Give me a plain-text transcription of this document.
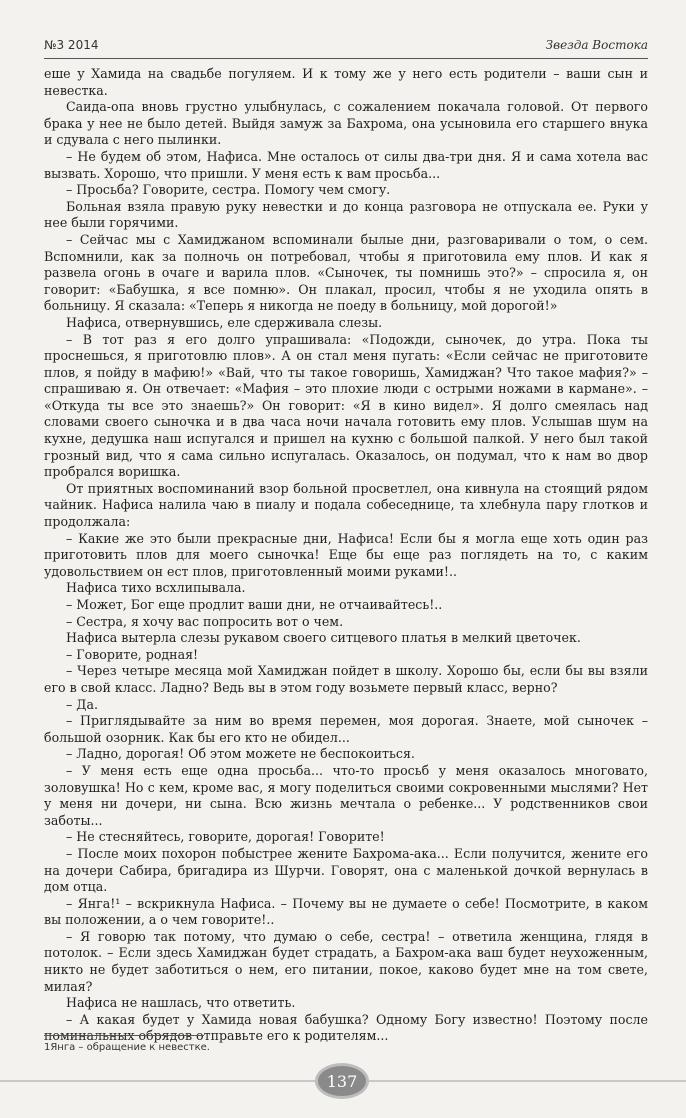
№3 2014	Звезда Востока

еше у Хамида на свадьбе погуляем. И к тому же у него есть родители – ваши сын и невестка.

Саида-опа вновь грустно улыбнулась, с сожалением покачала головой. От первого брака у нее не было детей. Выйдя замуж за Бахрома, она усыновила его старшего внука и сдувала с него пылинки.

– Не будем об этом, Нафиса. Мне осталось от силы два-три дня. Я и сама хотела вас вызвать. Хорошо, что пришли. У меня есть к вам просьба...

– Просьба? Говорите, сестра. Помогу чем смогу.

Больная взяла правую руку невестки и до конца разговора не отпускала ее. Руки у нее были горячими.

– Сейчас мы с Хамиджаном вспоминали былые дни, разговаривали о том, о сем. Вспомнили, как за полночь он потребовал, чтобы я приготовила ему плов. И как я развела огонь в очаге и варила плов. «Сыночек, ты помнишь это?» – спросила я, он говорит: «Бабушка, я все помню». Он плакал, просил, чтобы я не уходила опять в больницу. Я сказала: «Теперь я никогда не поеду в больницу, мой дорогой!»

Нафиса, отвернувшись, еле сдерживала слезы.

– В тот раз я его долго упрашивала: «Подожди, сыночек, до утра. Пока ты проснешься, я приготовлю плов». А он стал меня пугать: «Если сейчас не приготовите плов, я пойду в мафию!» «Вай, что ты такое говоришь, Хамиджан? Что такое мафия?» – спрашиваю я. Он отвечает: «Мафия – это плохие люди с острыми ножами в кармане». – «Откуда ты все это знаешь?» Он говорит: «Я в кино видел». Я долго смеялась над словами своего сыночка и в два часа ночи начала готовить ему плов. Услышав шум на кухне, дедушка наш испугался и пришел на кухню с большой палкой. У него был такой грозный вид, что я сама сильно испугалась. Оказалось, он подумал, что к нам во двор пробрался воришка.

От приятных воспоминаний взор больной просветлел, она кивнула на стоящий рядом чайник. Нафиса налила чаю в пиалу и подала собеседнице, та хлебнула пару глотков и продолжала:

– Какие же это были прекрасные дни, Нафиса! Если бы я могла еще хоть один раз приготовить плов для моего сыночка! Еще бы еще раз поглядеть на то, с каким удовольствием он ест плов, приготовленный моими руками!..

Нафиса тихо всхлипывала.

– Может, Бог еще продлит ваши дни, не отчаивайтесь!..

– Сестра, я хочу вас попросить вот о чем.

Нафиса вытерла слезы рукавом своего ситцевого платья в мелкий цветочек.

– Говорите, родная!

– Через четыре месяца мой Хамиджан пойдет в школу. Хорошо бы, если бы вы взяли его в свой класс. Ладно? Ведь вы в этом году возьмете первый класс, верно?

– Да.

– Приглядывайте за ним во время перемен, моя дорогая. Знаете, мой сыночек – большой озорник. Как бы его кто не обидел...

– Ладно, дорогая! Об этом можете не беспокоиться.

– У меня есть еще одна просьба... что-то просьб у меня оказалось многовато, золовушка! Но с кем, кроме вас, я могу поделиться своими сокровенными мыслями? Нет у меня ни дочери, ни сына. Всю жизнь мечтала о ребенке... У родственников свои заботы...

– Не стесняйтесь, говорите, дорогая! Говорите!

– После моих похорон побыстрее жените Бахрома-ака... Если получится, жените его на дочери Сабира, бригадира из Шурчи. Говорят, она с маленькой дочкой вернулась в дом отца.

– Янга!¹ – вскрикнула Нафиса. – Почему вы не думаете о себе! Посмотрите, в каком вы положении, а о чем говорите!..

– Я говорю так потому, что думаю о себе, сестра! – ответила женщина, глядя в потолок. – Если здесь Хамиджан будет страдать, а Бахром-ака ваш будет неухоженным, никто не будет заботиться о нем, его питании, покое, каково будет мне на том свете, милая?

Нафиса не нашлась, что ответить.

– А какая будет у Хамида новая бабушка? Одному Богу известно! Поэтому после поминальных обрядов отправьте его к родителям...

1Янга – обращение к невестке.
137
